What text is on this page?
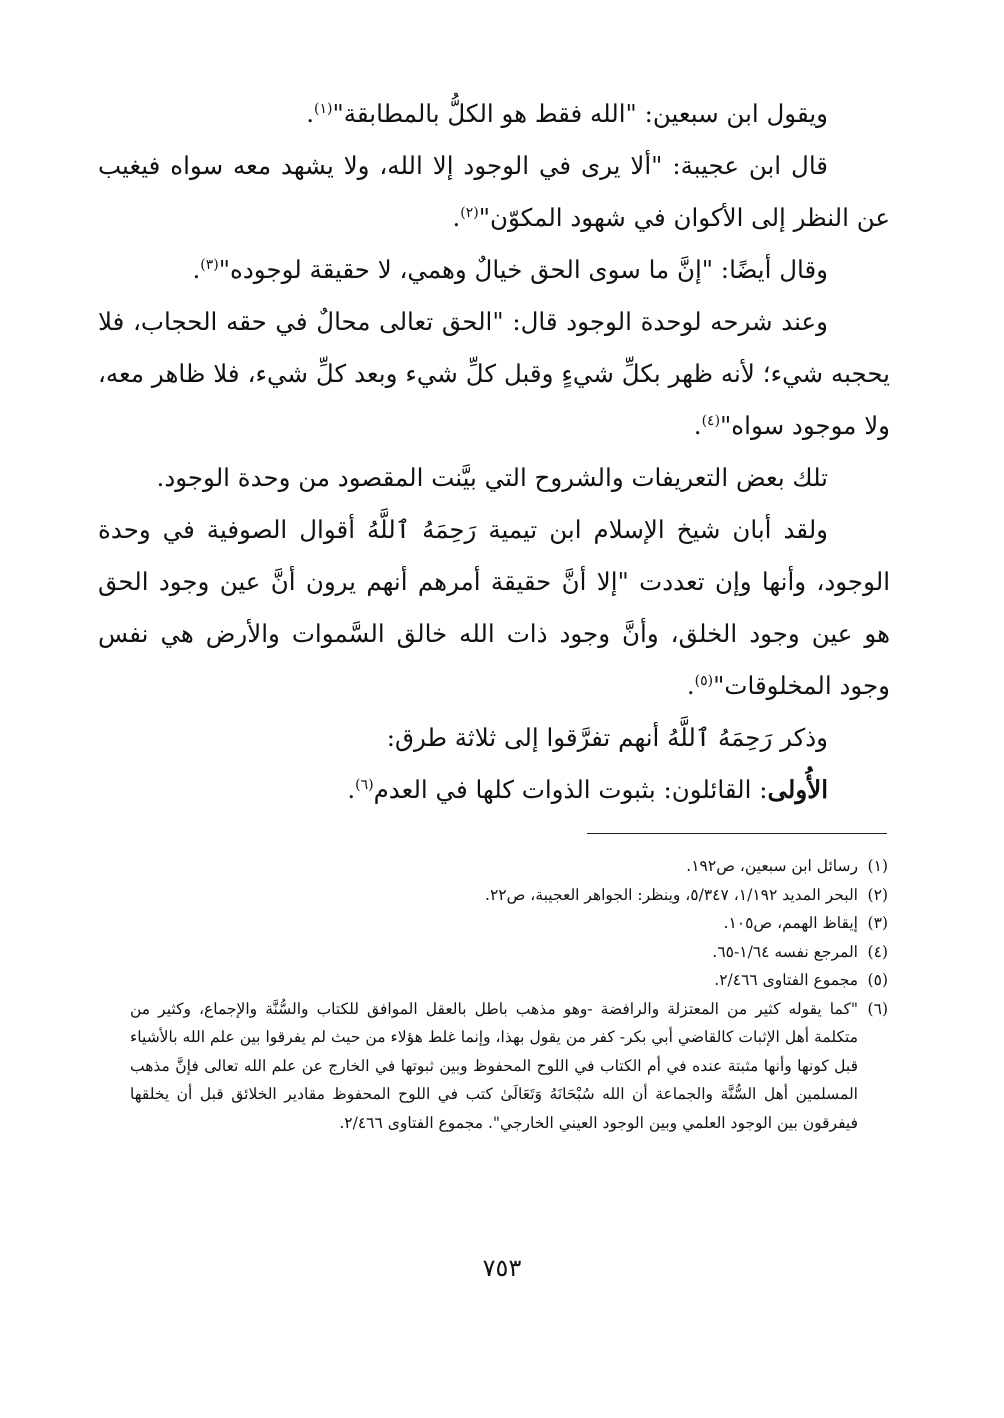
ويقول ابن سبعين: "الله فقط هو الكلُّ بالمطابقة"$^{(١)}$.

قال ابن عجيبة: "ألا يرى في الوجود إلا الله، ولا يشهد معه سواه فيغيب عن النظر إلى الأكوان في شهود المكوّن"$^{(٢)}$.

وقال أيضًا: "إنَّ ما سوى الحق خيالٌ وهمي، لا حقيقة لوجوده"$^{(٣)}$.

وعند شرحه لوحدة الوجود قال: "الحق تعالى محالٌ في حقه الحجاب، فلا يحجبه شيء؛ لأنه ظهر بكلِّ شيءٍ وقبل كلِّ شيء وبعد كلِّ شيء، فلا ظاهر معه، ولا موجود سواه"$^{(٤)}$.

تلك بعض التعريفات والشروح التي بيَّنت المقصود من وحدة الوجود.

ولقد أبان شيخ الإسلام ابن تيمية رَحِمَهُ ٱللَّهُ أقوال الصوفية في وحدة الوجود، وأنها وإن تعددت "إلا أنَّ حقيقة أمرهم أنهم يرون أنَّ عين وجود الحق هو عين وجود الخلق، وأنَّ وجود ذات الله خالق السَّموات والأرض هي نفس وجود المخلوقات"$^{(٥)}$.

وذكر رَحِمَهُ ٱللَّهُ أنهم تفرَّقوا إلى ثلاثة طرق:

الأُولى: القائلون: بثبوت الذوات كلها في العدم$^{(٦)}$.

(١)
رسائل ابن سبعين، ص١٩٢.
(٢)
البحر المديد ١/١٩٢، ٥/٣٤٧، وينظر: الجواهر العجيبة، ص٢٢.
(٣)
إيقاظ الهمم، ص١٠٥.
(٤)
المرجع نفسه ١/٦٤-٦٥.
(٥)
مجموع الفتاوى ٢/٤٦٦.
(٦)
"كما يقوله كثير من المعتزلة والرافضة -وهو مذهب باطل بالعقل الموافق للكتاب والسُّنَّة والإجماع، وكثير من متكلمة أهل الإثبات كالقاضي أبي بكر- كفر من يقول بهذا، وإنما غلط هؤلاء من حيث لم يفرقوا بين علم الله بالأشياء قبل كونها وأنها مثبتة عنده في أم الكتاب في اللوح المحفوظ وبين ثبوتها في الخارج عن علم الله تعالى فإنَّ مذهب المسلمين أهل السُّنَّة والجماعة أن الله سُبْحَانَهُ وَتَعَالَىٰ كتب في اللوح المحفوظ مقادير الخلائق قبل أن يخلقها فيفرقون بين الوجود العلمي وبين الوجود العيني الخارجي". مجموع الفتاوى ٢/٤٦٦.
٧٥٣
